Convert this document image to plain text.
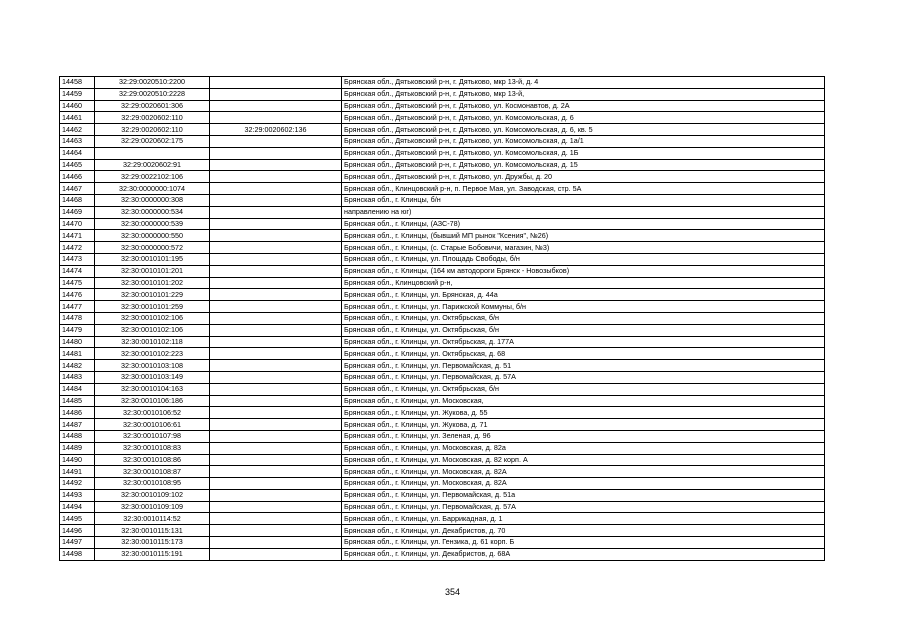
14458	32:29:0020510:2200		Брянская обл., Дятьковский р-н, г. Дятьково, мкр 13-й, д. 4
14459	32:29:0020510:2228		Брянская обл., Дятьковский р-н, г. Дятьково, мкр 13-й,
14460	32:29:0020601:306		Брянская обл., Дятьковский р-н, г. Дятьково, ул. Космонавтов, д. 2А
14461	32:29:0020602:110		Брянская обл., Дятьковский р-н, г. Дятьково, ул. Комсомольская, д. 6
14462	32:29:0020602:110	32:29:0020602:136	Брянская обл., Дятьковский р-н, г. Дятьково, ул. Комсомольская, д. 6, кв. 5
14463	32:29:0020602:175		Брянская обл., Дятьковский р-н, г. Дятьково, ул. Комсомольская, д. 1а/1
14464			Брянская обл., Дятьковский р-н, г. Дятьково, ул. Комсомольская, д. 1Б
14465	32:29:0020602:91		Брянская обл., Дятьковский р-н, г. Дятьково, ул. Комсомольская, д. 15
14466	32:29:0022102:106		Брянская обл., Дятьковский р-н, г. Дятьково, ул. Дружбы, д. 20
14467	32:30:0000000:1074		Брянская обл., Клинцовский р-н, п. Первое Мая, ул. Заводская, стр. 5А
14468	32:30:0000000:308		Брянская обл., г. Клинцы, б/н
14469	32:30:0000000:534		направлению на юг)
14470	32:30:0000000:539		Брянская обл., г. Клинцы, (АЗС-78)
14471	32:30:0000000:550		Брянская обл., г. Клинцы, (бывший МП рынок "Ксения", №26)
14472	32:30:0000000:572		Брянская обл., г. Клинцы, (с. Старые Бобовичи, магазин, №3)
14473	32:30:0010101:195		Брянская обл., г. Клинцы, ул. Площадь Свободы, б/н
14474	32:30:0010101:201		Брянская обл., г. Клинцы, (164 км автодороги Брянск - Новозыбков)
14475	32:30:0010101:202		Брянская обл., Клинцовский р-н,
14476	32:30:0010101:229		Брянская обл., г. Клинцы, ул. Брянская, д. 44а
14477	32:30:0010101:259		Брянская обл., г. Клинцы, ул. Парижской Коммуны, б/н
14478	32:30:0010102:106		Брянская обл., г. Клинцы, ул. Октябрьская, б/н
14479	32:30:0010102:106		Брянская обл., г. Клинцы, ул. Октябрьская, б/н
14480	32:30:0010102:118		Брянская обл., г. Клинцы, ул. Октябрьская, д. 177А
14481	32:30:0010102:223		Брянская обл., г. Клинцы, ул. Октябрьская, д. 68
14482	32:30:0010103:108		Брянская обл., г. Клинцы, ул. Первомайская, д. 51
14483	32:30:0010103:149		Брянская обл., г. Клинцы, ул. Первомайская, д. 57А
14484	32:30:0010104:163		Брянская обл., г. Клинцы, ул. Октябрьская, б/н
14485	32:30:0010106:186		Брянская обл., г. Клинцы, ул. Московская,
14486	32:30:0010106:52		Брянская обл., г. Клинцы, ул. Жукова, д. 55
14487	32:30:0010106:61		Брянская обл., г. Клинцы, ул. Жукова, д. 71
14488	32:30:0010107:98		Брянская обл., г. Клинцы, ул. Зеленая, д. 96
14489	32:30:0010108:83		Брянская обл., г. Клинцы, ул. Московская, д. 82а
14490	32:30:0010108:86		Брянская обл., г. Клинцы, ул. Московская, д. 82 корп. А
14491	32:30:0010108:87		Брянская обл., г. Клинцы, ул. Московская, д. 82А
14492	32:30:0010108:95		Брянская обл., г. Клинцы, ул. Московская, д. 82А
14493	32:30:0010109:102		Брянская обл., г. Клинцы, ул. Первомайская, д. 51а
14494	32:30:0010109:109		Брянская обл., г. Клинцы, ул. Первомайская, д. 57А
14495	32:30:0010114:52		Брянская обл., г. Клинцы, ул. Баррикадная, д. 1
14496	32:30:0010115:131		Брянская обл., г. Клинцы, ул. Декабристов, д. 70
14497	32:30:0010115:173		Брянская обл., г. Клинцы, ул. Гензика, д. 61 корп. Б
14498	32:30:0010115:191		Брянская обл., г. Клинцы, ул. Декабристов, д. 68А
354
